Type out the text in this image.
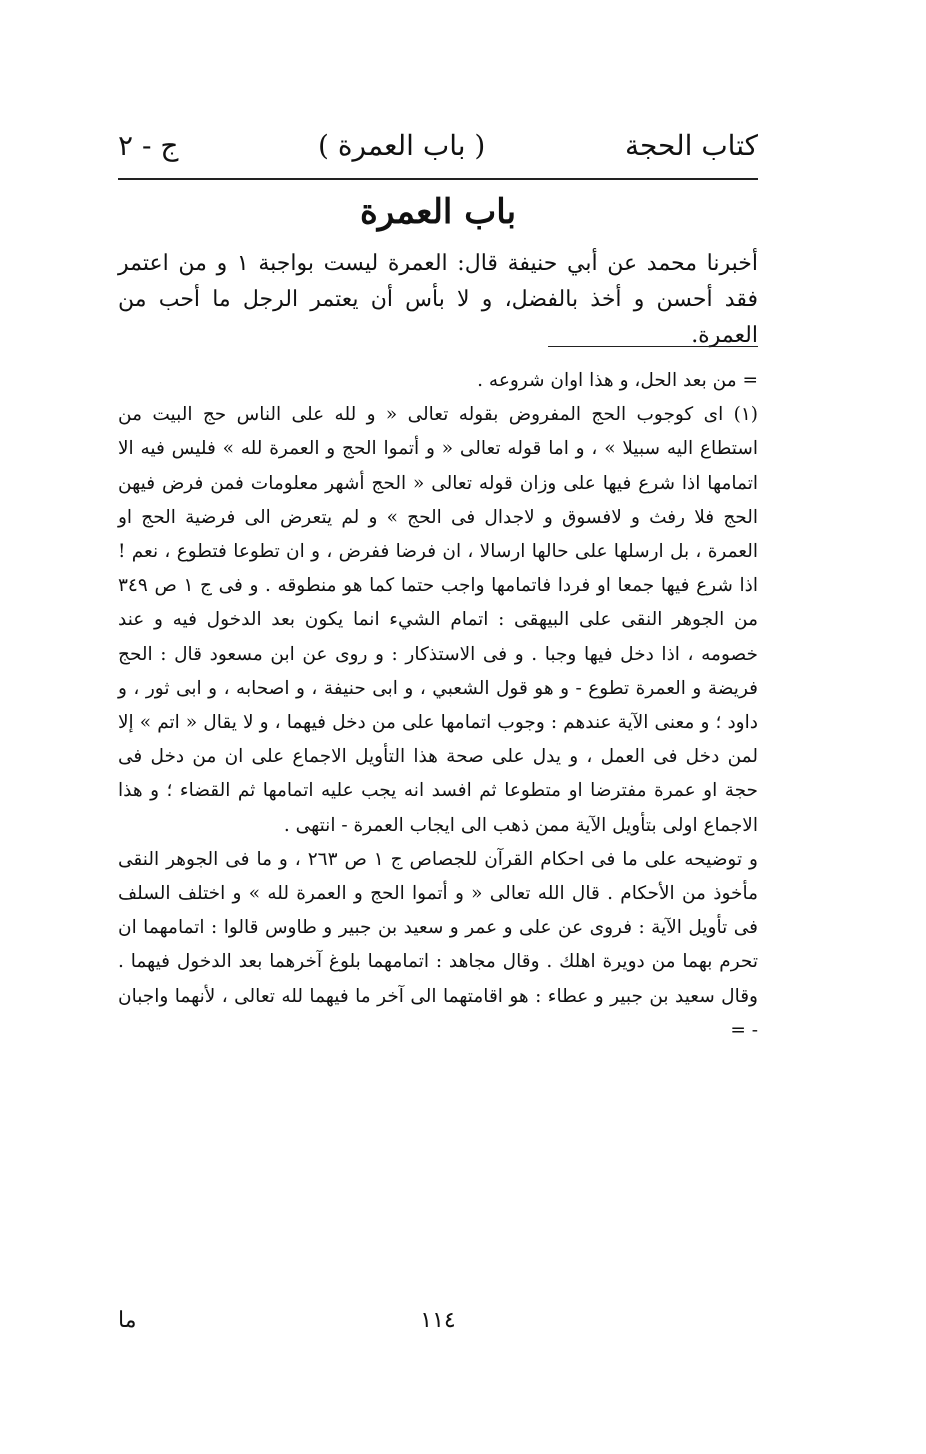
كتاب الحجة
( باب العمرة )
ج - ٢
باب العمرة
أخبرنا محمد عن أبي حنيفة قال: العمرة ليست بواجبة ١ و من اعتمر فقد أحسن و أخذ بالفضل، و لا بأس أن يعتمر الرجل ما أحب من العمرة.

= من بعد الحل، و هذا اوان شروعه .

(١) اى كوجوب الحج المفروض بقوله تعالى « و لله على الناس حج البيت من استطاع اليه سبيلا » ، و اما قوله تعالى « و أتموا الحج و العمرة لله » فليس فيه الا اتمامها اذا شرع فيها على وزان قوله تعالى « الحج أشهر معلومات فمن فرض فيهن الحج فلا رفث و لافسوق و لاجدال فى الحج » و لم يتعرض الى فرضية الحج او العمرة ، بل ارسلها على حالها ارسالا ، ان فرضا ففرض ، و ان تطوعا فتطوع ، نعم ! اذا شرع فيها جمعا او فردا فاتمامها واجب حتما كما هو منطوقه . و فى ج ١ ص ٣٤٩ من الجوهر النقى على البيهقى : اتمام الشيء انما يكون بعد الدخول فيه و عند خصومه ، اذا دخل فيها وجبا . و فى الاستذكار : و روى عن ابن مسعود قال : الحج فريضة و العمرة تطوع - و هو قول الشعبي ، و ابى حنيفة ، و اصحابه ، و ابى ثور ، و داود ؛ و معنى الآية عندهم : وجوب اتمامها على من دخل فيهما ، و لا يقال « اتم » إلا لمن دخل فى العمل ، و يدل على صحة هذا التأويل الاجماع على ان من دخل فى حجة او عمرة مفترضا او متطوعا ثم افسد انه يجب عليه اتمامها ثم القضاء ؛ و هذا الاجماع اولى بتأويل الآية ممن ذهب الى ايجاب العمرة - انتهى .

و توضيحه على ما فى احكام القرآن للجصاص ج ١ ص ٢٦٣ ، و ما فى الجوهر النقى مأخوذ من الأحكام . قال الله تعالى « و أتموا الحج و العمرة لله » و اختلف السلف فى تأويل الآية : فروى عن على و عمر و سعيد بن جبير و طاوس قالوا : اتمامهما ان تحرم بهما من دويرة اهلك . وقال مجاهد : اتمامهما بلوغ آخرهما بعد الدخول فيهما . وقال سعيد بن جبير و عطاء : هو اقامتهما الى آخر ما فيهما لله تعالى ، لأنهما واجبان - =

١١٤
ما
